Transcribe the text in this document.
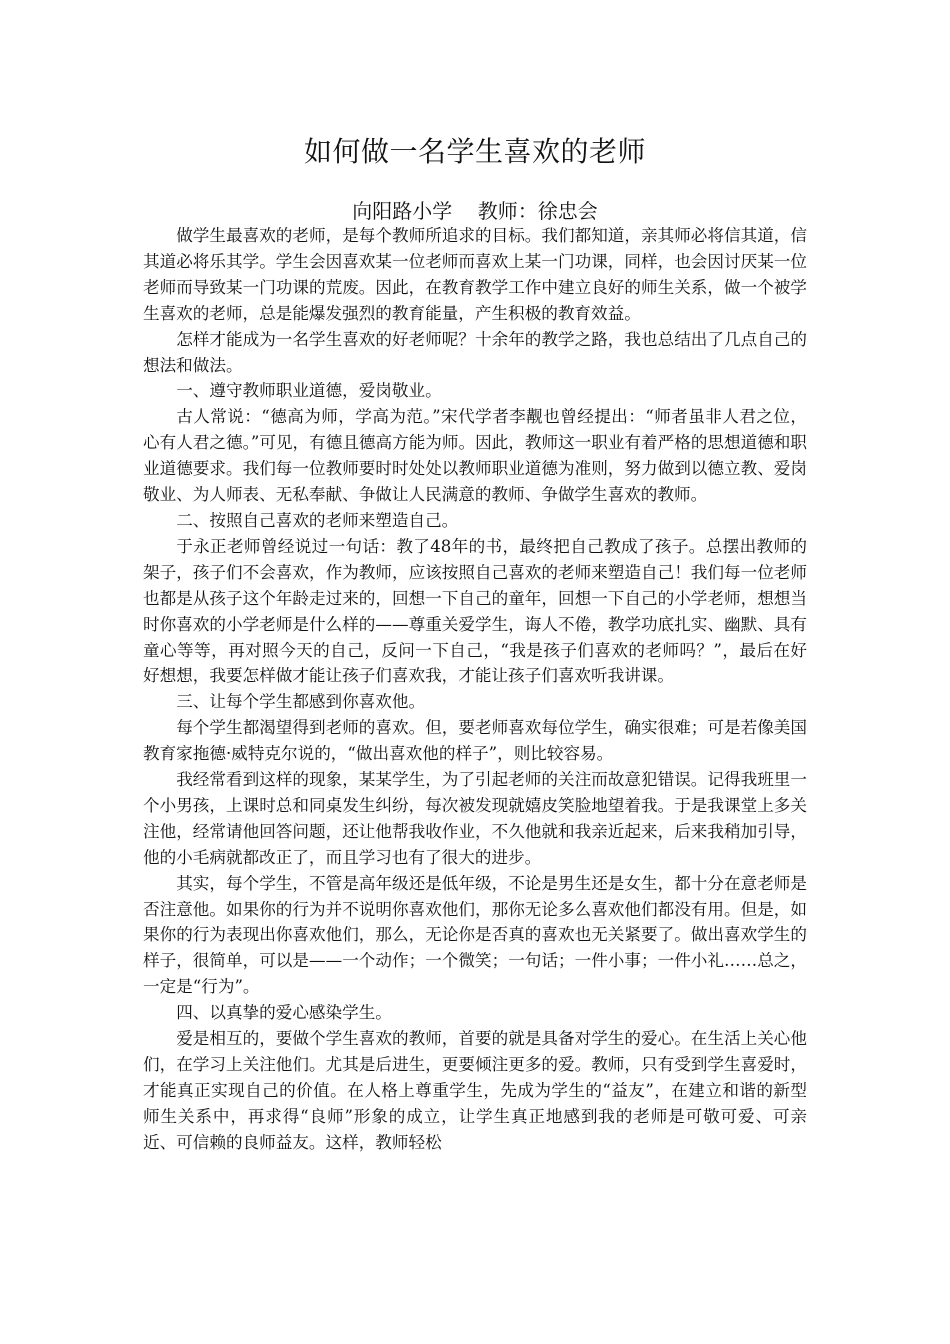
如何做一名学生喜欢的老师
向阳路小学    教师：徐忠会

做学生最喜欢的老师，是每个教师所追求的目标。我们都知道，亲其师必将信其道，信其道必将乐其学。学生会因喜欢某一位老师而喜欢上某一门功课，同样，也会因讨厌某一位老师而导致某一门功课的荒废。因此，在教育教学工作中建立良好的师生关系，做一个被学生喜欢的老师，总是能爆发强烈的教育能量，产生积极的教育效益。

怎样才能成为一名学生喜欢的好老师呢？十余年的教学之路，我也总结出了几点自己的想法和做法。

一、遵守教师职业道德，爱岗敬业。

古人常说：“德高为师，学高为范。”宋代学者李觏也曾经提出：“师者虽非人君之位，心有人君之德。”可见，有德且德高方能为师。因此，教师这一职业有着严格的思想道德和职业道德要求。我们每一位教师要时时处处以教师职业道德为准则，努力做到以德立教、爱岗敬业、为人师表、无私奉献、争做让人民满意的教师、争做学生喜欢的教师。

二、按照自己喜欢的老师来塑造自己。

于永正老师曾经说过一句话：教了48年的书，最终把自己教成了孩子。总摆出教师的架子，孩子们不会喜欢，作为教师，应该按照自己喜欢的老师来塑造自己！我们每一位老师也都是从孩子这个年龄走过来的，回想一下自己的童年，回想一下自己的小学老师，想想当时你喜欢的小学老师是什么样的——尊重关爱学生，诲人不倦，教学功底扎实、幽默、具有童心等等，再对照今天的自己，反问一下自己，“我是孩子们喜欢的老师吗？”，最后在好好想想，我要怎样做才能让孩子们喜欢我，才能让孩子们喜欢听我讲课。

三、让每个学生都感到你喜欢他。

每个学生都渴望得到老师的喜欢。但，要老师喜欢每位学生，确实很难；可是若像美国教育家拖德·威特克尔说的，“做出喜欢他的样子”，则比较容易。

我经常看到这样的现象，某某学生，为了引起老师的关注而故意犯错误。记得我班里一个小男孩，上课时总和同桌发生纠纷，每次被发现就嬉皮笑脸地望着我。于是我课堂上多关注他，经常请他回答问题，还让他帮我收作业，不久他就和我亲近起来，后来我稍加引导，他的小毛病就都改正了，而且学习也有了很大的进步。

其实，每个学生，不管是高年级还是低年级，不论是男生还是女生，都十分在意老师是否注意他。如果你的行为并不说明你喜欢他们，那你无论多么喜欢他们都没有用。但是，如果你的行为表现出你喜欢他们，那么，无论你是否真的喜欢也无关紧要了。做出喜欢学生的样子，很简单，可以是——一个动作；一个微笑；一句话；一件小事；一件小礼……总之，一定是“行为”。

四、以真挚的爱心感染学生。

爱是相互的，要做个学生喜欢的教师，首要的就是具备对学生的爱心。在生活上关心他们，在学习上关注他们。尤其是后进生，更要倾注更多的爱。教师，只有受到学生喜爱时，才能真正实现自己的价值。在人格上尊重学生，先成为学生的“益友”，在建立和谐的新型师生关系中，再求得“良师”形象的成立，让学生真正地感到我的老师是可敬可爱、可亲近、可信赖的良师益友。这样，教师轻松
